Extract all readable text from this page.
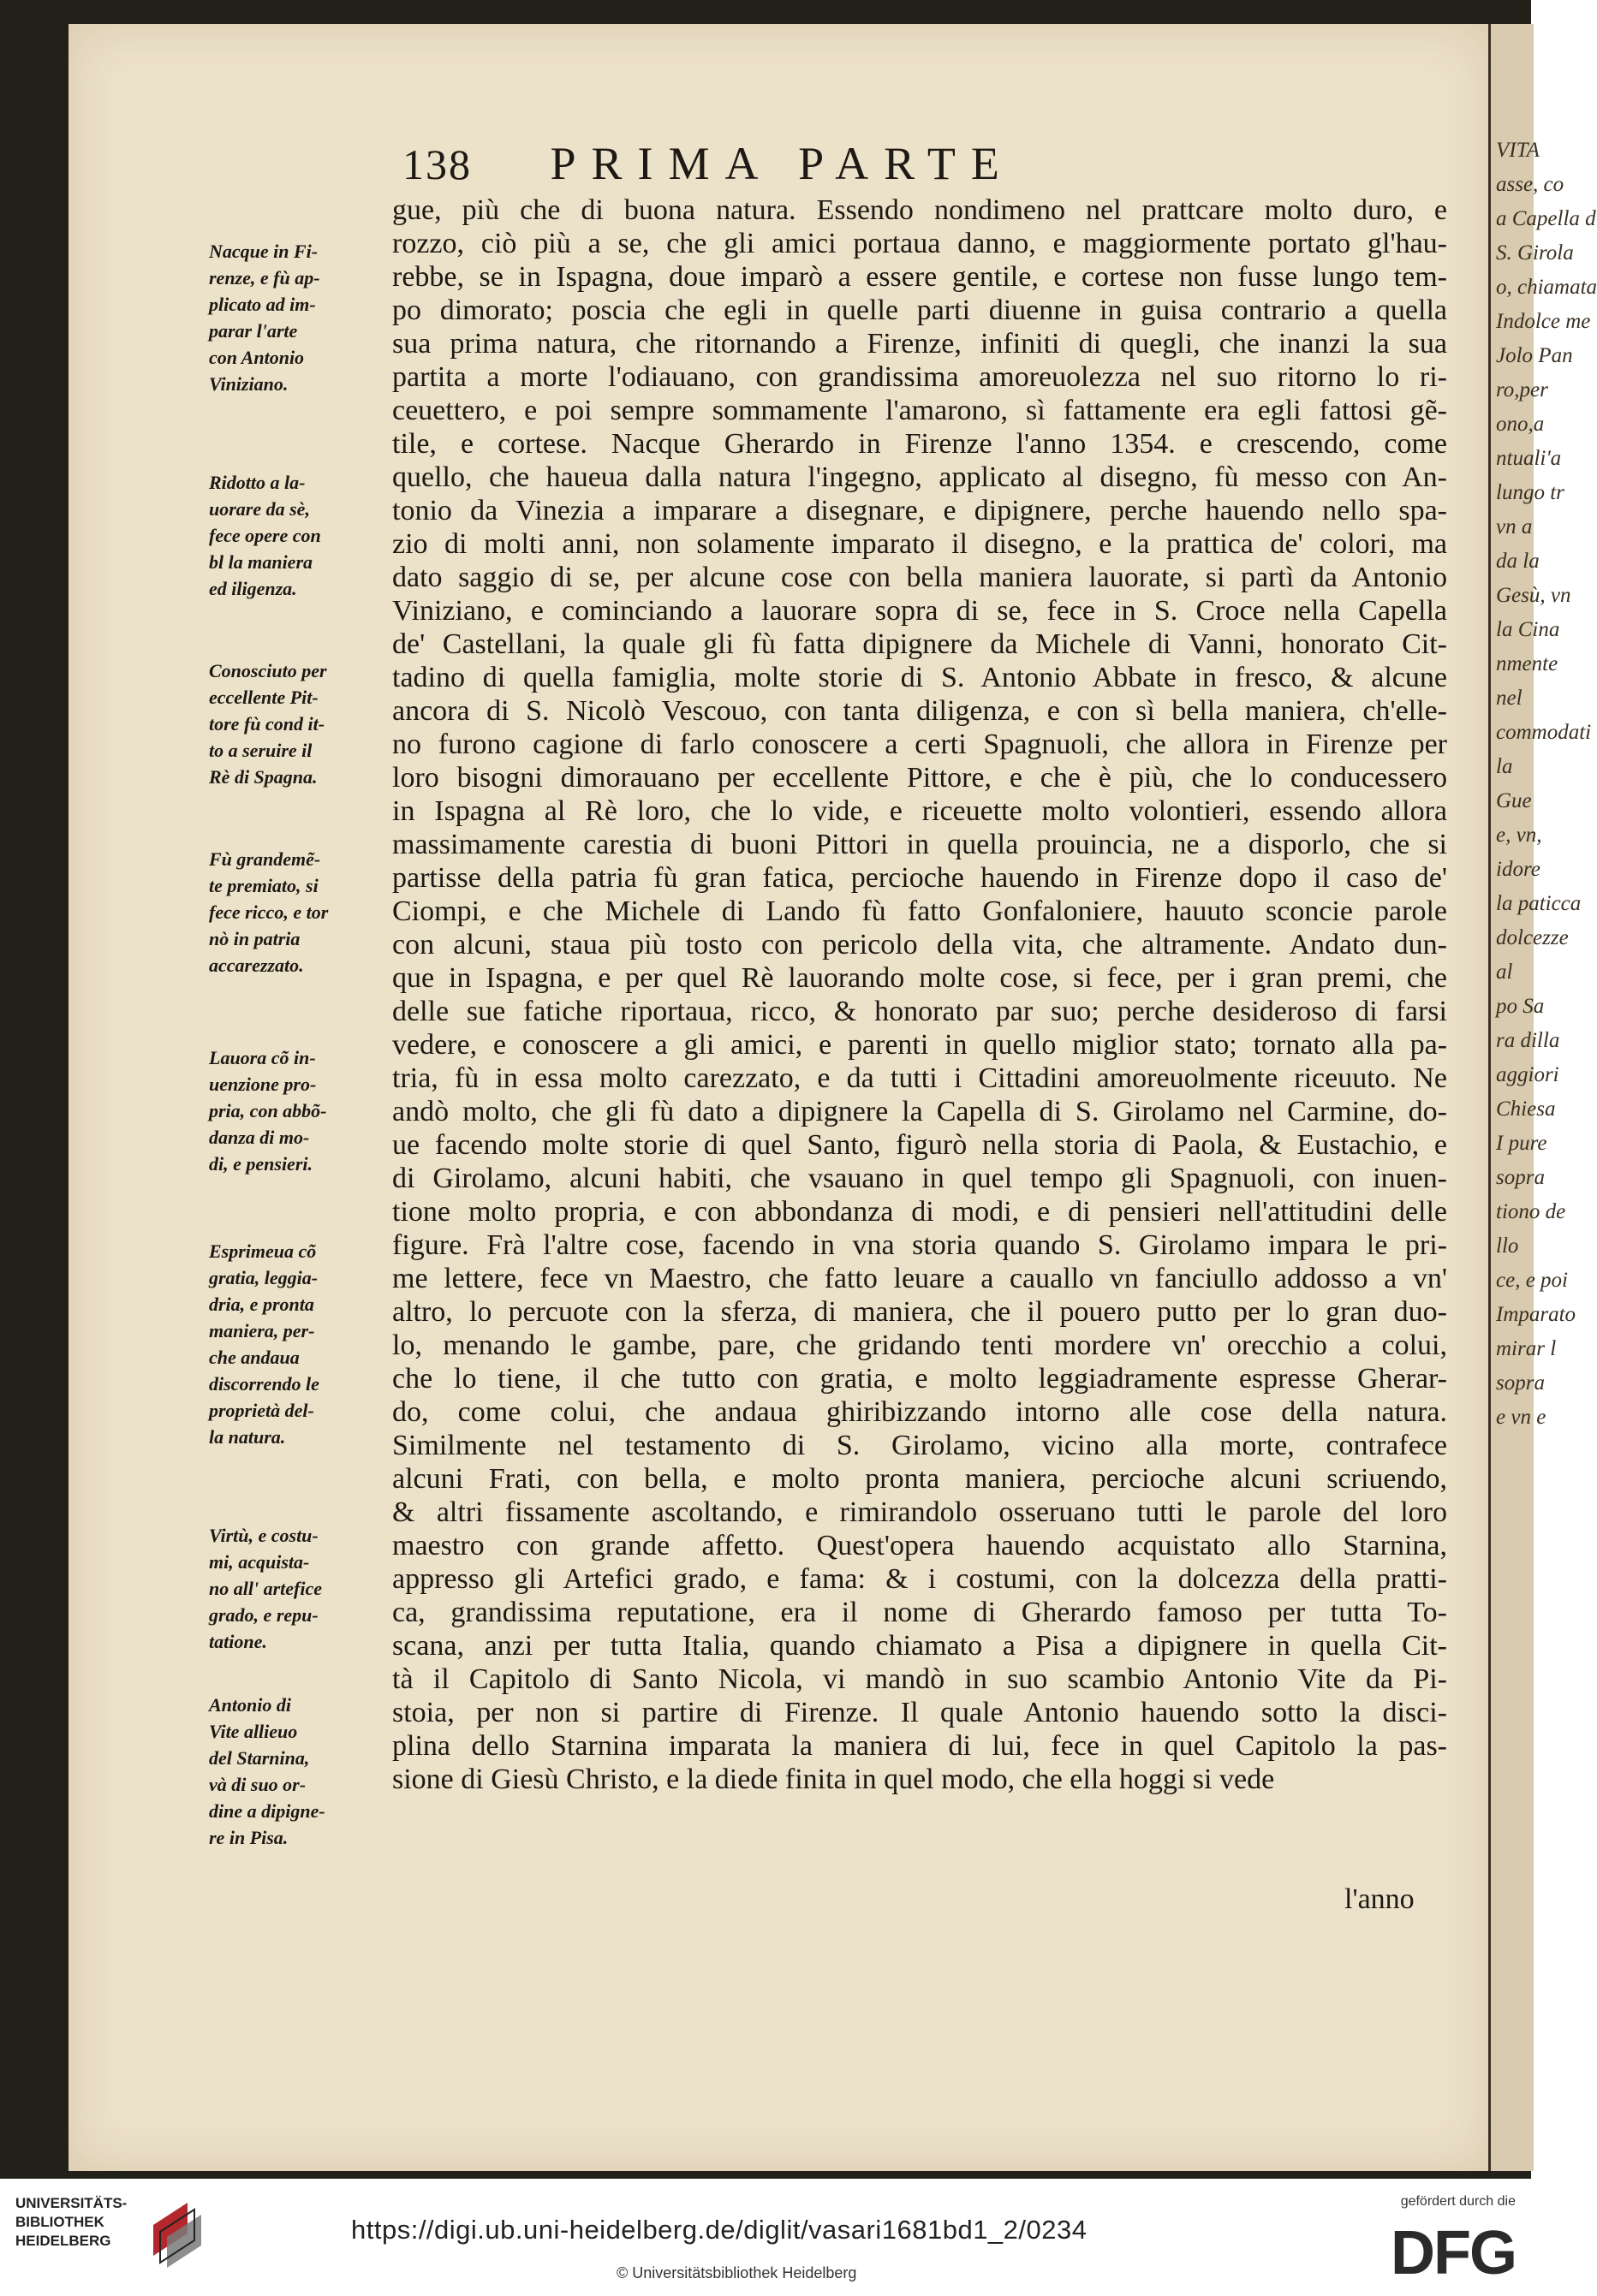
VITA
asse, co
a Capella d
S. Girola
o, chiamata
Indolce me
Jolo Pan
ro,per
ono,a
ntuali'a
lungo tr
vn a
da la
Gesù, vn
la Cina
nmente
nel
commodati
la
Gue
e, vn,
idore
la paticca
dolcezze
al
po Sa
ra dilla
aggiori
Chiesa
I pure
sopra
tiono de
llo
ce, e poi
Imparato
mirar l
sopra
e vn e
138 PRIMA PARTE
gue, più che di buona natura. Essendo nondimeno nel prattcare molto duro, e
rozzo, ciò più a se, che gli amici portaua danno, e maggiormente portato gl'hau-
rebbe, se in Ispagna, doue imparò a essere gentile, e cortese non fusse lungo tem-
po dimorato; poscia che egli in quelle parti diuenne in guisa contrario a quella
sua prima natura, che ritornando a Firenze, infiniti di quegli, che inanzi la sua
partita a morte l'odiauano, con grandissima amoreuolezza nel suo ritorno lo ri-
ceuettero, e poi sempre sommamente l'amarono, sì fattamente era egli fattosi gẽ-
tile, e cortese. Nacque Gherardo in Firenze l'anno 1354. e crescendo, come
quello, che haueua dalla natura l'ingegno, applicato al disegno, fù messo con An-
tonio da Vinezia a imparare a disegnare, e dipignere, perche hauendo nello spa-
zio di molti anni, non solamente imparato il disegno, e la prattica de' colori, ma
dato saggio di se, per alcune cose con bella maniera lauorate, si partì da Antonio
Viniziano, e cominciando a lauorare sopra di se, fece in S. Croce nella Capella
de' Castellani, la quale gli fù fatta dipignere da Michele di Vanni, honorato Cit-
tadino di quella famiglia, molte storie di S. Antonio Abbate in fresco, & alcune
ancora di S. Nicolò Vescouo, con tanta diligenza, e con sì bella maniera, ch'elle-
no furono cagione di farlo conoscere a certi Spagnuoli, che allora in Firenze per
loro bisogni dimorauano per eccellente Pittore, e che è più, che lo conducessero
in Ispagna al Rè loro, che lo vide, e riceuette molto volontieri, essendo allora
massimamente carestia di buoni Pittori in quella prouincia, ne a disporlo, che si
partisse della patria fù gran fatica, percioche hauendo in Firenze dopo il caso de'
Ciompi, e che Michele di Lando fù fatto Gonfaloniere, hauuto sconcie parole
con alcuni, staua più tosto con pericolo della vita, che altramente. Andato dun-
que in Ispagna, e per quel Rè lauorando molte cose, si fece, per i gran premi, che
delle sue fatiche riportaua, ricco, & honorato par suo; perche desideroso di farsi
vedere, e conoscere a gli amici, e parenti in quello miglior stato; tornato alla pa-
tria, fù in essa molto carezzato, e da tutti i Cittadini amoreuolmente riceuuto. Ne
andò molto, che gli fù dato a dipignere la Capella di S. Girolamo nel Carmine, do-
ue facendo molte storie di quel Santo, figurò nella storia di Paola, & Eustachio, e
di Girolamo, alcuni habiti, che vsauano in quel tempo gli Spagnuoli, con inuen-
tione molto propria, e con abbondanza di modi, e di pensieri nell'attitudini delle
figure. Frà l'altre cose, facendo in vna storia quando S. Girolamo impara le pri-
me lettere, fece vn Maestro, che fatto leuare a cauallo vn fanciullo addosso a vn'
altro, lo percuote con la sferza, di maniera, che il pouero putto per lo gran duo-
lo, menando le gambe, pare, che gridando tenti mordere vn' orecchio a colui,
che lo tiene, il che tutto con gratia, e molto leggiadramente espresse Gherar-
do, come colui, che andaua ghiribizzando intorno alle cose della natura.
Similmente nel testamento di S. Girolamo, vicino alla morte, contrafece
alcuni Frati, con bella, e molto pronta maniera, percioche alcuni scriuendo,
& altri fissamente ascoltando, e rimirandolo osseruano tutti le parole del loro
maestro con grande affetto. Quest'opera hauendo acquistato allo Starnina,
appresso gli Artefici grado, e fama: & i costumi, con la dolcezza della pratti-
ca, grandissima reputatione, era il nome di Gherardo famoso per tutta To-
scana, anzi per tutta Italia, quando chiamato a Pisa a dipignere in quella Cit-
tà il Capitolo di Santo Nicola, vi mandò in suo scambio Antonio Vite da Pi-
stoia, per non si partire di Firenze. Il quale Antonio hauendo sotto la disci-
plina dello Starnina imparata la maniera di lui, fece in quel Capitolo la pas-
sione di Giesù Christo, e la diede finita in quel modo, che ella hoggi si vede
l'anno
Nacque in Fi-
renze, e fù ap-
plicato ad im-
parar l'arte
con Antonio
Viniziano.
Ridotto a la-
uorare da sè,
fece opere con
bl la maniera
ed iligenza.
Conosciuto per
eccellente Pit-
tore fù cond it-
to a seruire il
Rè di Spagna.
Fù grandemẽ-
te premiato, si
fece ricco, e tor
nò in patria
accarezzato.
Lauora cõ in-
uenzione pro-
pria, con abbõ-
danza di mo-
di, e pensieri.
Esprimeua cõ
gratia, leggia-
dria, e pronta
maniera, per-
che andaua
discorrendo le
proprietà del-
la natura.
Virtù, e costu-
mi, acquista-
no all' artefice
grado, e repu-
tatione.
Antonio di
Vite allieuo
del Starnina,
và di suo or-
dine a dipigne-
re in Pisa.
UNIVERSITÄTS-
BIBLIOTHEK
HEIDELBERG	https://digi.ub.uni-heidelberg.de/diglit/vasari1681bd1_2/0234
© Universitätsbibliothek Heidelberg
gefördert durch die
DFG
